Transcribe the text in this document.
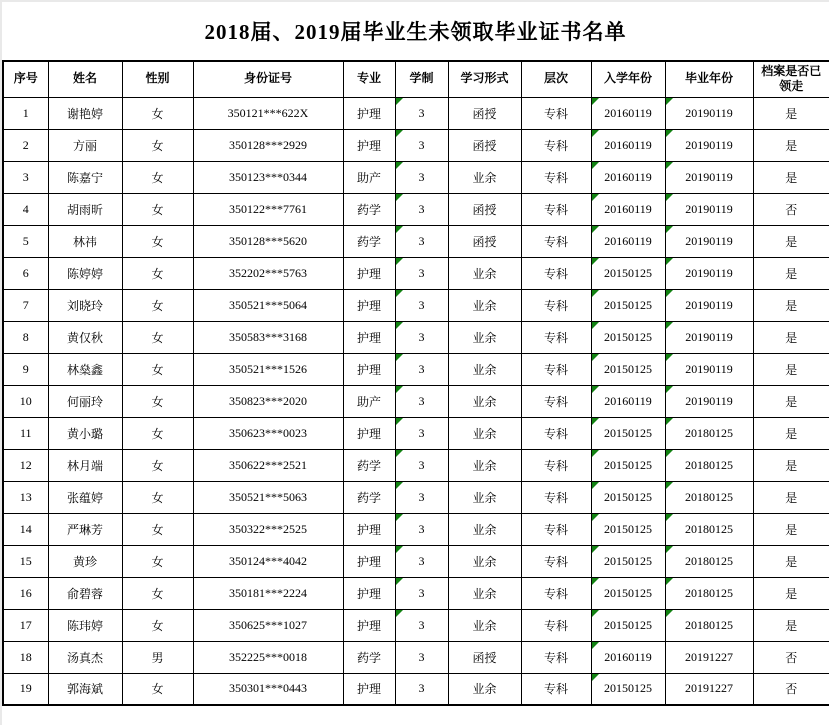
2018届、2019届毕业生未领取毕业证书名单
序号	姓名	性别	身份证号	专业	学制	学习形式	层次	入学年份	毕业年份	档案是否已领走
1	谢艳婷	女	350121***622X	护理	3	函授	专科	20160119	20190119	是
2	方丽	女	350128***2929	护理	3	函授	专科	20160119	20190119	是
3	陈嘉宁	女	350123***0344	助产	3	业余	专科	20160119	20190119	是
4	胡雨昕	女	350122***7761	药学	3	函授	专科	20160119	20190119	否
5	林祎	女	350128***5620	药学	3	函授	专科	20160119	20190119	是
6	陈婷婷	女	352202***5763	护理	3	业余	专科	20150125	20190119	是
7	刘晓玲	女	350521***5064	护理	3	业余	专科	20150125	20190119	是
8	黄仅秋	女	350583***3168	护理	3	业余	专科	20150125	20190119	是
9	林燊鑫	女	350521***1526	护理	3	业余	专科	20150125	20190119	是
10	何丽玲	女	350823***2020	助产	3	业余	专科	20160119	20190119	是
11	黄小璐	女	350623***0023	护理	3	业余	专科	20150125	20180125	是
12	林月端	女	350622***2521	药学	3	业余	专科	20150125	20180125	是
13	张蕴婷	女	350521***5063	药学	3	业余	专科	20150125	20180125	是
14	严琳芳	女	350322***2525	护理	3	业余	专科	20150125	20180125	是
15	黄珍	女	350124***4042	护理	3	业余	专科	20150125	20180125	是
16	俞碧蓉	女	350181***2224	护理	3	业余	专科	20150125	20180125	是
17	陈玮婷	女	350625***1027	护理	3	业余	专科	20150125	20180125	是
18	汤真杰	男	352225***0018	药学	3	函授	专科	20160119	20191227	否
19	郭海斌	女	350301***0443	护理	3	业余	专科	20150125	20191227	否
